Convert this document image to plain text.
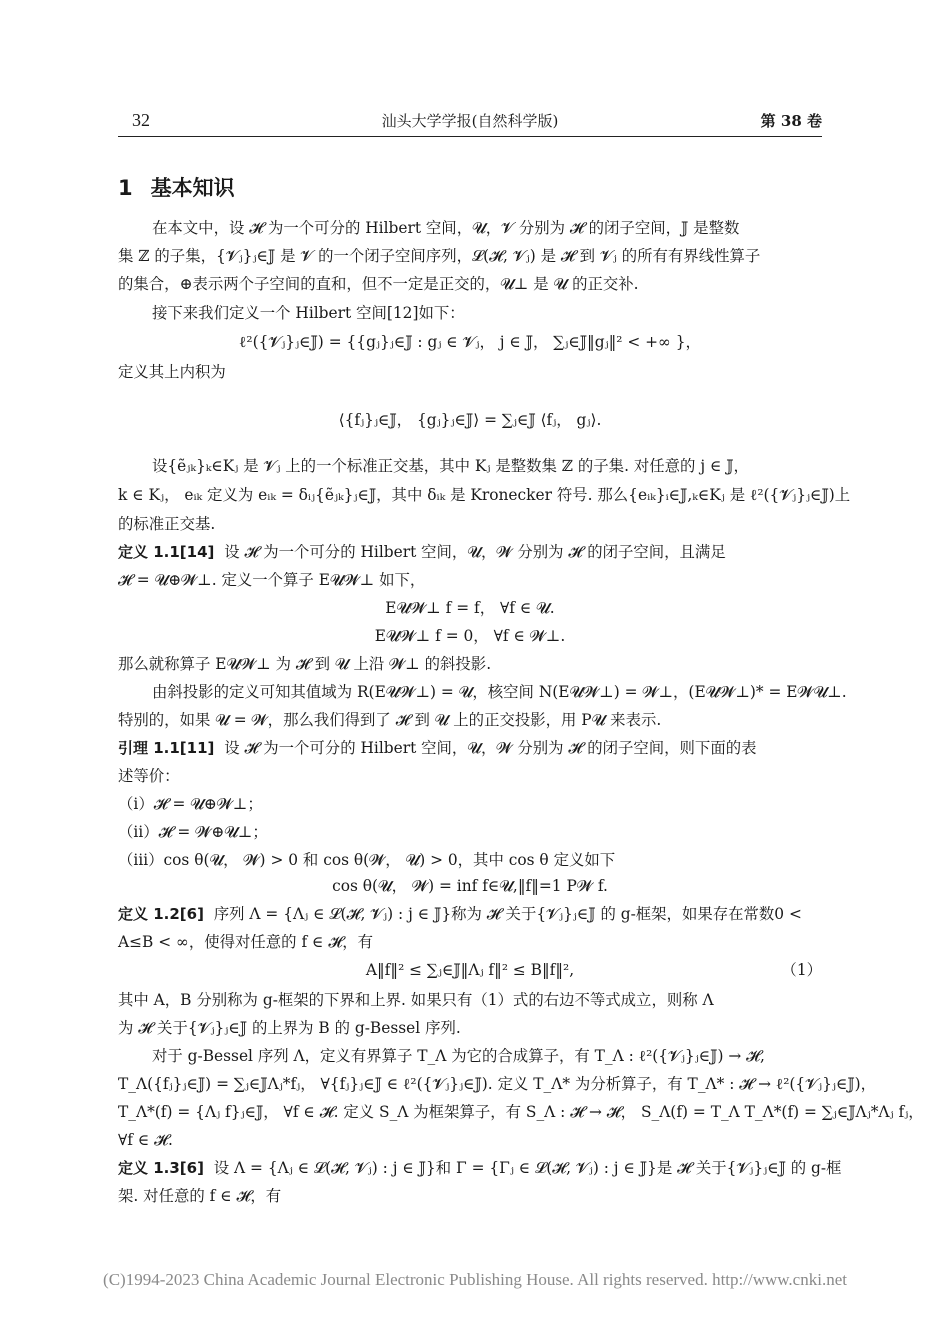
32	汕头大学学报(自然科学版)	第 38 卷
1 基本知识
在本文中，设 𝓗 为一个可分的 Hilbert 空间，𝓤，𝓥 分别为 𝓗 的闭子空间，𝕁 是整数
集 ℤ 的子集，{𝓥ⱼ}ⱼ∈𝕁 是 𝓥 的一个闭子空间序列，𝓛(𝓗, 𝓥ⱼ) 是 𝓗 到 𝓥ⱼ 的所有有界线性算子
的集合，⊕表示两个子空间的直和，但不一定是正交的，𝓤⊥ 是 𝓤 的正交补.
接下来我们定义一个 Hilbert 空间[12]如下：
ℓ²({𝓥ⱼ}ⱼ∈𝕁) = {{gⱼ}ⱼ∈𝕁 : gⱼ ∈ 𝓥ⱼ， j ∈ 𝕁， ∑ⱼ∈𝕁‖gⱼ‖² < +∞ }，
定义其上内积为
⟨{fⱼ}ⱼ∈𝕁， {gⱼ}ⱼ∈𝕁⟩ = ∑ⱼ∈𝕁 ⟨fⱼ， gⱼ⟩.
设{ẽⱼₖ}ₖ∈Kⱼ 是 𝓥ⱼ 上的一个标准正交基，其中 Kⱼ 是整数集 ℤ 的子集. 对任意的 j ∈ 𝕁，
k ∈ Kⱼ， eᵢₖ 定义为 eᵢₖ = δᵢⱼ{ẽⱼₖ}ⱼ∈𝕁，其中 δᵢₖ 是 Kronecker 符号. 那么{eᵢₖ}ᵢ∈𝕁,ₖ∈Kⱼ 是 ℓ²({𝓥ⱼ}ⱼ∈𝕁)上
的标准正交基.
定义 1.1[14] 设 𝓗 为一个可分的 Hilbert 空间，𝓤，𝓦 分别为 𝓗 的闭子空间，且满足
𝓗 = 𝓤⊕𝓦⊥. 定义一个算子 E𝓤𝓦⊥ 如下，
E𝓤𝓦⊥ f = f， ∀f ∈ 𝓤.
E𝓤𝓦⊥ f = 0， ∀f ∈ 𝓦⊥.
那么就称算子 E𝓤𝓦⊥ 为 𝓗 到 𝓤 上沿 𝓦⊥ 的斜投影.
由斜投影的定义可知其值域为 R(E𝓤𝓦⊥) = 𝓤，核空间 N(E𝓤𝓦⊥) = 𝓦⊥，(E𝓤𝓦⊥)* = E𝓦𝓤⊥.
特别的，如果 𝓤 = 𝓦，那么我们得到了 𝓗 到 𝓤 上的正交投影，用 P𝓤 来表示.
引理 1.1[11] 设 𝓗 为一个可分的 Hilbert 空间，𝓤，𝓦 分别为 𝓗 的闭子空间，则下面的表
述等价：
（ⅰ）𝓗 = 𝓤⊕𝓦⊥；
（ⅱ）𝓗 = 𝓦⊕𝓤⊥；
（ⅲ）cos θ(𝓤， 𝓦) > 0 和 cos θ(𝓦， 𝓤) > 0，其中 cos θ 定义如下
cos θ(𝓤， 𝓦) = inf f∈𝓤,‖f‖=1 P𝓦 f.
定义 1.2[6] 序列 Λ = {Λⱼ ∈ 𝓛(𝓗, 𝓥ⱼ) : j ∈ 𝕁}称为 𝓗 关于{𝓥ⱼ}ⱼ∈𝕁 的 g-框架，如果存在常数0 <
A≤B < ∞，使得对任意的 f ∈ 𝓗，有
A‖f‖² ≤ ∑ⱼ∈𝕁‖Λⱼ f‖² ≤ B‖f‖²,	（1）
其中 A，B 分别称为 g-框架的下界和上界. 如果只有（1）式的右边不等式成立，则称 Λ
为 𝓗 关于{𝓥ⱼ}ⱼ∈𝕁 的上界为 B 的 g-Bessel 序列.
对于 g-Bessel 序列 Λ，定义有界算子 T_Λ 为它的合成算子，有 T_Λ : ℓ²({𝓥ⱼ}ⱼ∈𝕁) → 𝓗,
T_Λ({fⱼ}ⱼ∈𝕁) = ∑ⱼ∈𝕁Λⱼ*fⱼ， ∀{fⱼ}ⱼ∈𝕁 ∈ ℓ²({𝓥ⱼ}ⱼ∈𝕁). 定义 T_Λ* 为分析算子，有 T_Λ* : 𝓗 → ℓ²({𝓥ⱼ}ⱼ∈𝕁)，
T_Λ*(f) = {Λⱼ f}ⱼ∈𝕁， ∀f ∈ 𝓗. 定义 S_Λ 为框架算子，有 S_Λ : 𝓗 → 𝓗， S_Λ(f) = T_Λ T_Λ*(f) = ∑ⱼ∈𝕁Λⱼ*Λⱼ fⱼ，
∀f ∈ 𝓗.
定义 1.3[6] 设 Λ = {Λⱼ ∈ 𝓛(𝓗, 𝓥ⱼ) : j ∈ 𝕁}和 Γ = {Γⱼ ∈ 𝓛(𝓗, 𝓥ⱼ) : j ∈ 𝕁}是 𝓗 关于{𝓥ⱼ}ⱼ∈𝕁 的 g-框
架. 对任意的 f ∈ 𝓗，有
(C)1994-2023 China Academic Journal Electronic Publishing House. All rights reserved. http://www.cnki.net
